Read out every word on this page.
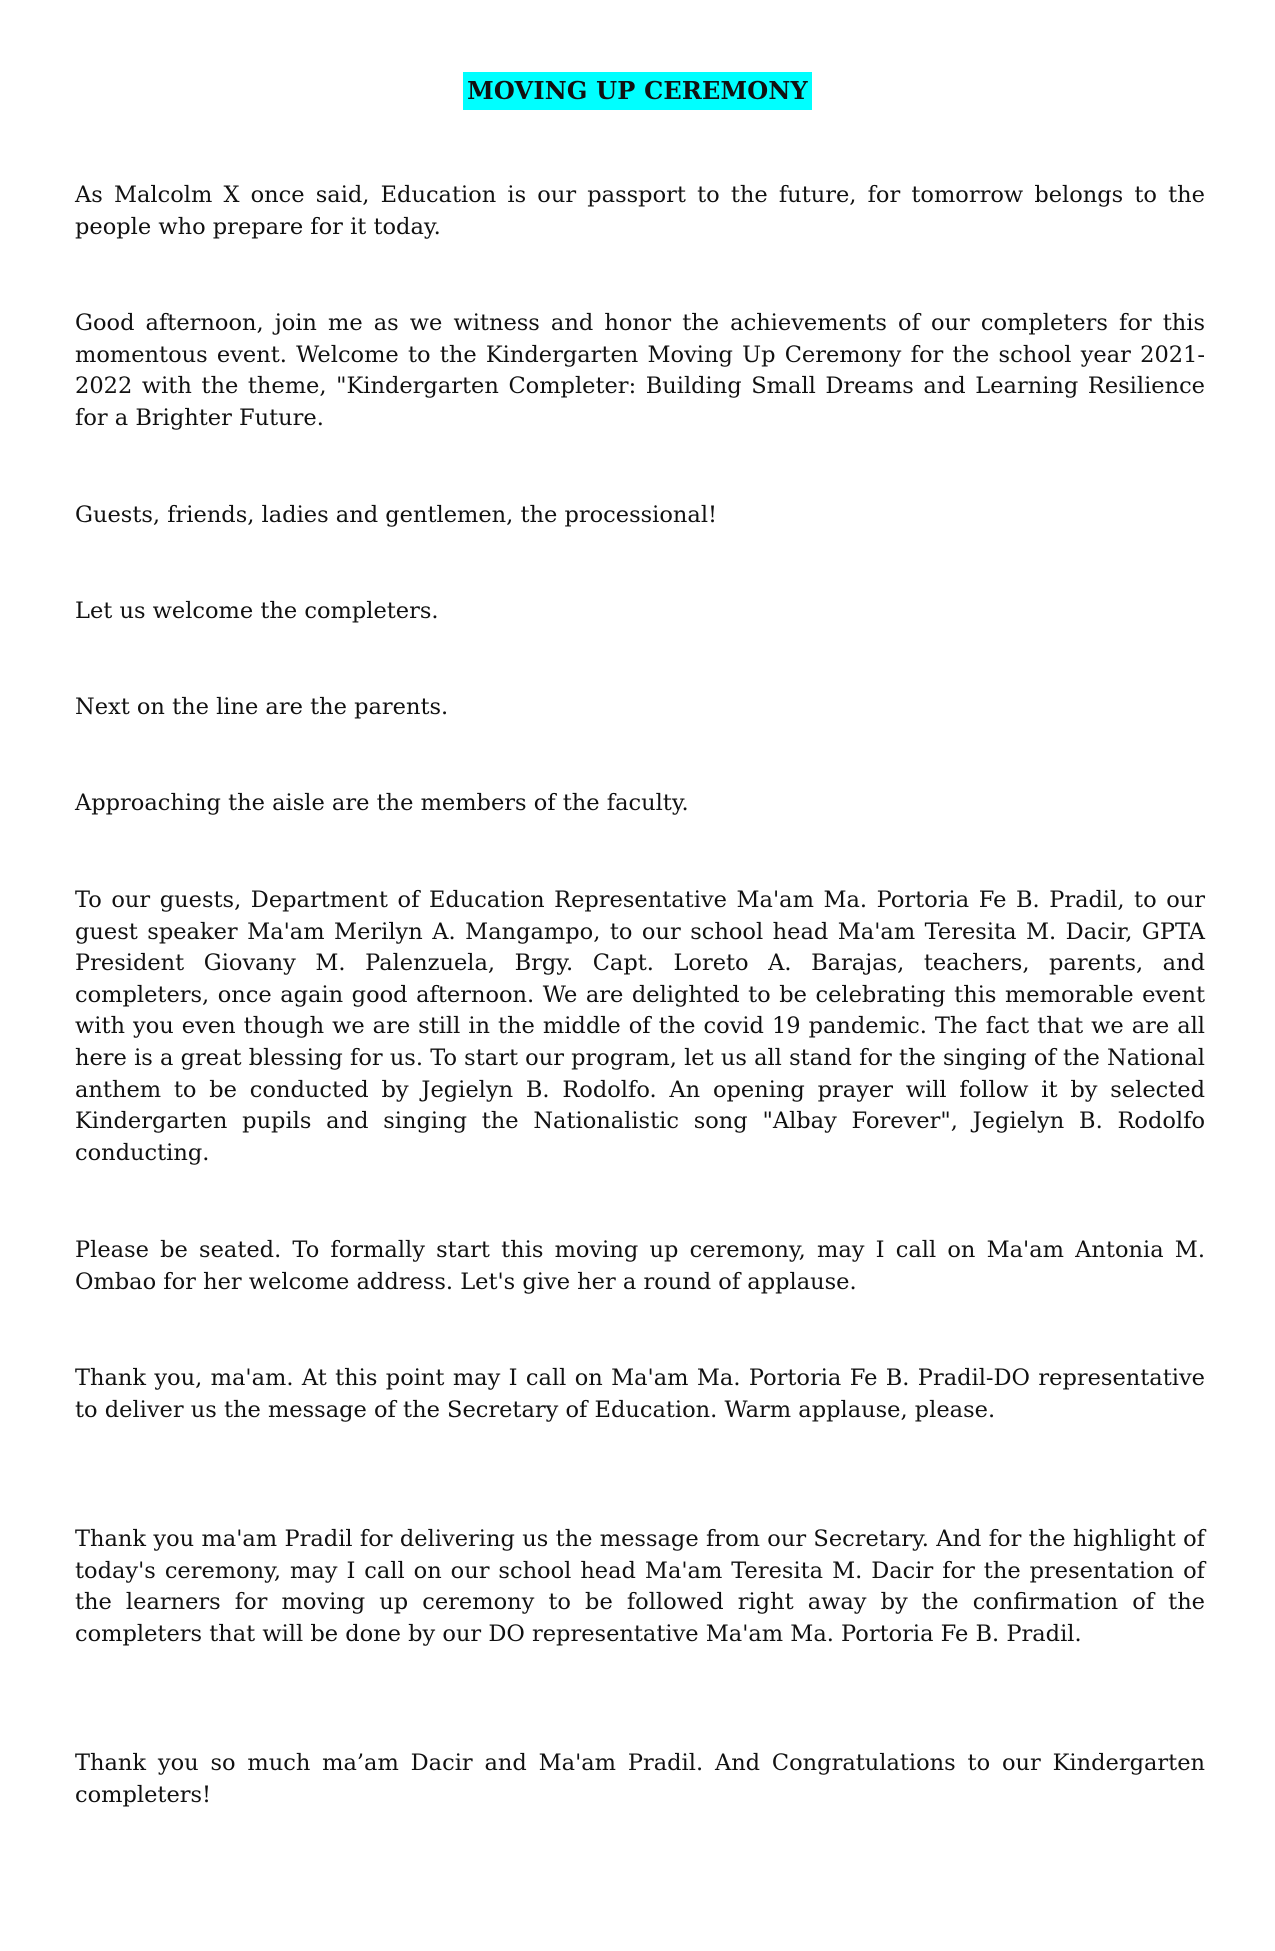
MOVING UP CEREMONY

As Malcolm X once said, Education is our passport to the future, for tomorrow belongs to the people who prepare for it today.

Good afternoon, join me as we witness and honor the achievements of our completers for this momentous event. Welcome to the Kindergarten Moving Up Ceremony for the school year 2021-2022 with the theme, "Kindergarten Completer: Building Small Dreams and Learning Resilience for a Brighter Future.

Guests, friends, ladies and gentlemen, the processional!

Let us welcome the completers.

Next on the line are the parents.

Approaching the aisle are the members of the faculty.

To our guests, Department of Education Representative Ma'am Ma. Portoria Fe B. Pradil, to our guest speaker Ma'am Merilyn A. Mangampo, to our school head Ma'am Teresita M. Dacir, GPTA President Giovany M. Palenzuela, Brgy. Capt. Loreto A. Barajas, teachers, parents, and completers, once again good afternoon. We are delighted to be celebrating this memorable event with you even though we are still in the middle of the covid 19 pandemic. The fact that we are all here is a great blessing for us. To start our program, let us all stand for the singing of the National anthem to be conducted by Jegielyn B. Rodolfo. An opening prayer will follow it by selected Kindergarten pupils and singing the Nationalistic song "Albay Forever", Jegielyn B. Rodolfo conducting.

Please be seated. To formally start this moving up ceremony, may I call on Ma'am Antonia M. Ombao for her welcome address. Let's give her a round of applause.

Thank you, ma'am. At this point may I call on Ma'am Ma. Portoria Fe B. Pradil-DO representative to deliver us the message of the Secretary of Education. Warm applause, please.

Thank you ma'am Pradil for delivering us the message from our Secretary. And for the highlight of today's ceremony, may I call on our school head Ma'am Teresita M. Dacir for the presentation of the learners for moving up ceremony to be followed right away by the confirmation of the completers that will be done by our DO representative Ma'am Ma. Portoria Fe B. Pradil.

Thank you so much ma’am Dacir and Ma'am Pradil. And Congratulations to our Kindergarten completers!
